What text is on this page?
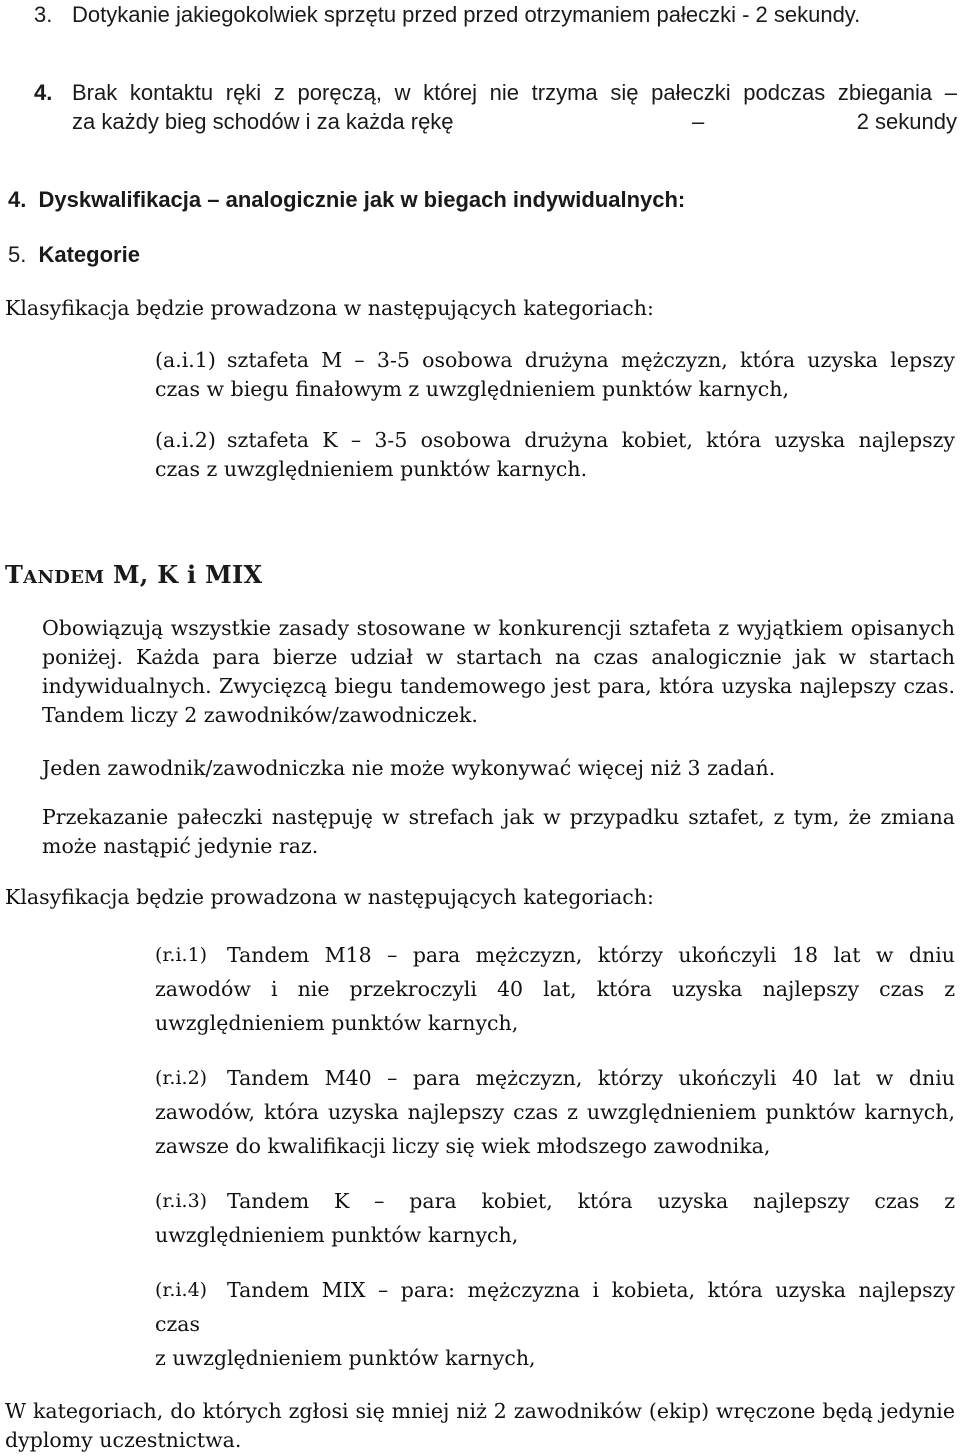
3. Dotykanie jakiegokolwiek sprzętu przed przed otrzymaniem pałeczki - 2 sekundy.
4. Brak kontaktu ręki z poręczą, w której nie trzyma się pałeczki podczas zbiegania –
za każdy bieg schodów i za każda rękę	–	2 sekundy
4. Dyskwalifikacja – analogicznie jak w biegach indywidualnych:
5. Kategorie
Klasyfikacja będzie prowadzona w następujących kategoriach:
(a.i.1) sztafeta M – 3-5 osobowa drużyna mężczyzn, która uzyska lepszy
czas w biegu finałowym z uwzględnieniem punktów karnych,
(a.i.2) sztafeta K – 3-5 osobowa drużyna kobiet, która uzyska najlepszy
czas z uwzględnieniem punktów karnych.
TANDEM M, K i MIX
Obowiązują wszystkie zasady stosowane w konkurencji sztafeta z wyjątkiem opisanych poniżej. Każda para bierze udział w startach na czas analogicznie jak w startach indywidualnych. Zwycięzcą biegu tandemowego jest para, która uzyska najlepszy czas. Tandem liczy 2 zawodników/zawodniczek.
Jeden zawodnik/zawodniczka nie może wykonywać więcej niż 3 zadań.
Przekazanie pałeczki następuję w strefach jak w przypadku sztafet, z tym, że zmiana może nastąpić jedynie raz.
Klasyfikacja będzie prowadzona w następujących kategoriach:
(r.i.1) Tandem M18 – para mężczyzn, którzy ukończyli 18 lat w dniu
zawodów i nie przekroczyli 40 lat, która uzyska najlepszy czas z uwzględnieniem punktów karnych,
(r.i.2) Tandem M40 – para mężczyzn, którzy ukończyli 40 lat w dniu
zawodów, która uzyska najlepszy czas z uwzględnieniem punktów karnych, zawsze do kwalifikacji liczy się wiek młodszego zawodnika,
(r.i.3) Tandem K – para kobiet, która uzyska najlepszy czas z
uwzględnieniem punktów karnych,
(r.i.4) Tandem MIX – para: mężczyzna i kobieta, która uzyska najlepszy
czas
z uwzględnieniem punktów karnych,
W kategoriach, do których zgłosi się mniej niż 2 zawodników (ekip) wręczone będą jedynie dyplomy uczestnictwa.
